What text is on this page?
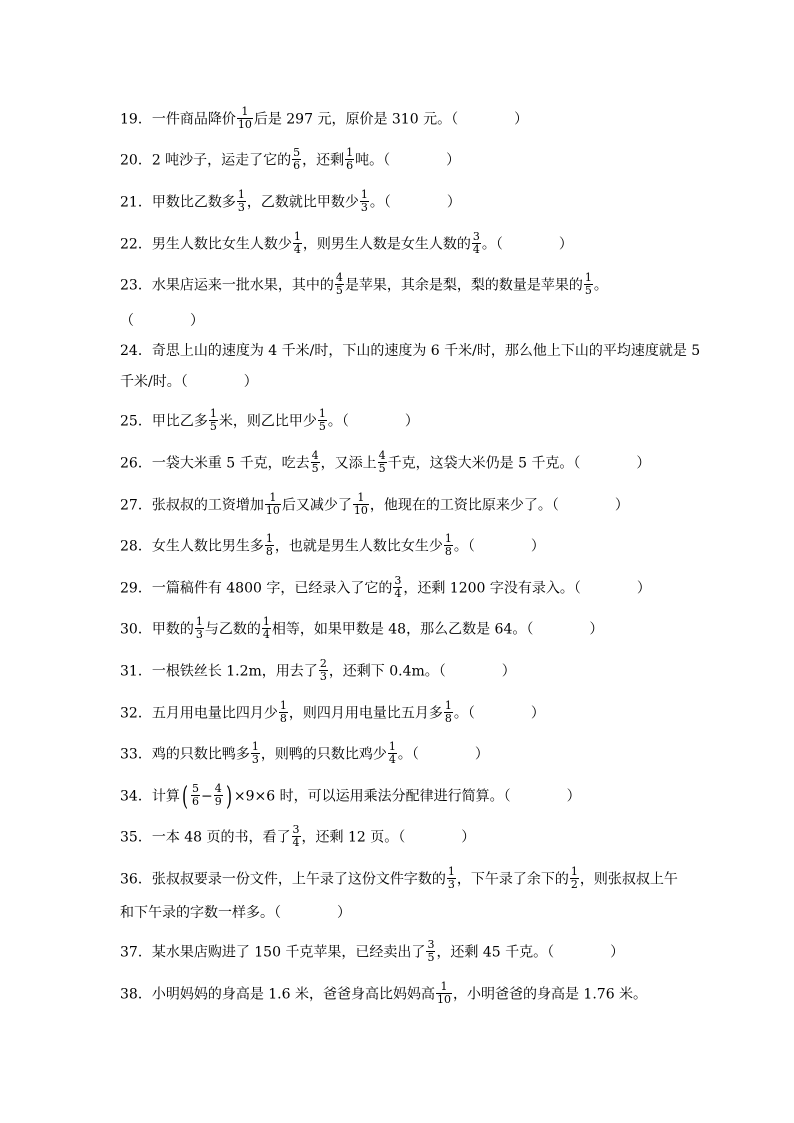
19．一件商品降价 $\frac{1}{10}$ 后是 297 元，原价是 310 元。（　　　　）
20．2 吨沙子，运走了它的 $\frac{5}{6}$ ，还剩 $\frac{1}{6}$ 吨。（　　　　）
21．甲数比乙数多 $\frac{1}{3}$ ，乙数就比甲数少 $\frac{1}{3}$ 。（　　　　）
22．男生人数比女生人数少 $\frac{1}{4}$ ，则男生人数是女生人数的 $\frac{3}{4}$ 。（　　　　）
23．水果店运来一批水果，其中的 $\frac{4}{5}$ 是苹果，其余是梨，梨的数量是苹果的 $\frac{1}{5}$ 。
（　　　　）
24．奇思上山的速度为 4 千米/时，下山的速度为 6 千米/时，那么他上下山的平均速度就是 5
千米/时。（　　　　）
25．甲比乙多 $\frac{1}{5}$ 米，则乙比甲少 $\frac{1}{5}$ 。（　　　　）
26．一袋大米重 5 千克，吃去 $\frac{4}{5}$ ，又添上 $\frac{4}{5}$ 千克，这袋大米仍是 5 千克。（　　　　）
27．张叔叔的工资增加 $\frac{1}{10}$ 后又减少了 $\frac{1}{10}$ ，他现在的工资比原来少了。（　　　　）
28．女生人数比男生多 $\frac{1}{8}$ ，也就是男生人数比女生少 $\frac{1}{8}$ 。（　　　　）
29．一篇稿件有 4800 字，已经录入了它的 $\frac{3}{4}$ ，还剩 1200 字没有录入。（　　　　）
30．甲数的 $\frac{1}{3}$ 与乙数的 $\frac{1}{4}$ 相等，如果甲数是 48，那么乙数是 64。（　　　　）
31．一根铁丝长 1.2m，用去了 $\frac{2}{3}$ ，还剩下 0.4m。（　　　　）
32．五月用电量比四月少 $\frac{1}{8}$ ，则四月用电量比五月多 $\frac{1}{8}$ 。（　　　　）
33．鸡的只数比鸭多 $\frac{1}{3}$ ，则鸭的只数比鸡少 $\frac{1}{4}$ 。（　　　　）
34．计算( $\frac{5}{6} - \frac{4}{9}$ ) ×9×6 时，可以运用乘法分配律进行简算。（　　　　）
35．一本 48 页的书，看了 $\frac{3}{4}$ ，还剩 12 页。（　　　　）
36．张叔叔要录一份文件，上午录了这份文件字数的 $\frac{1}{3}$ ，下午录了余下的 $\frac{1}{2}$ ，则张叔叔上午
和下午录的字数一样多。（　　　　）
37．某水果店购进了 150 千克苹果，已经卖出了 $\frac{3}{5}$ ，还剩 45 千克。（　　　　）
38．小明妈妈的身高是 1.6 米，爸爸身高比妈妈高 $\frac{1}{10}$ ，小明爸爸的身高是 1.76 米。
